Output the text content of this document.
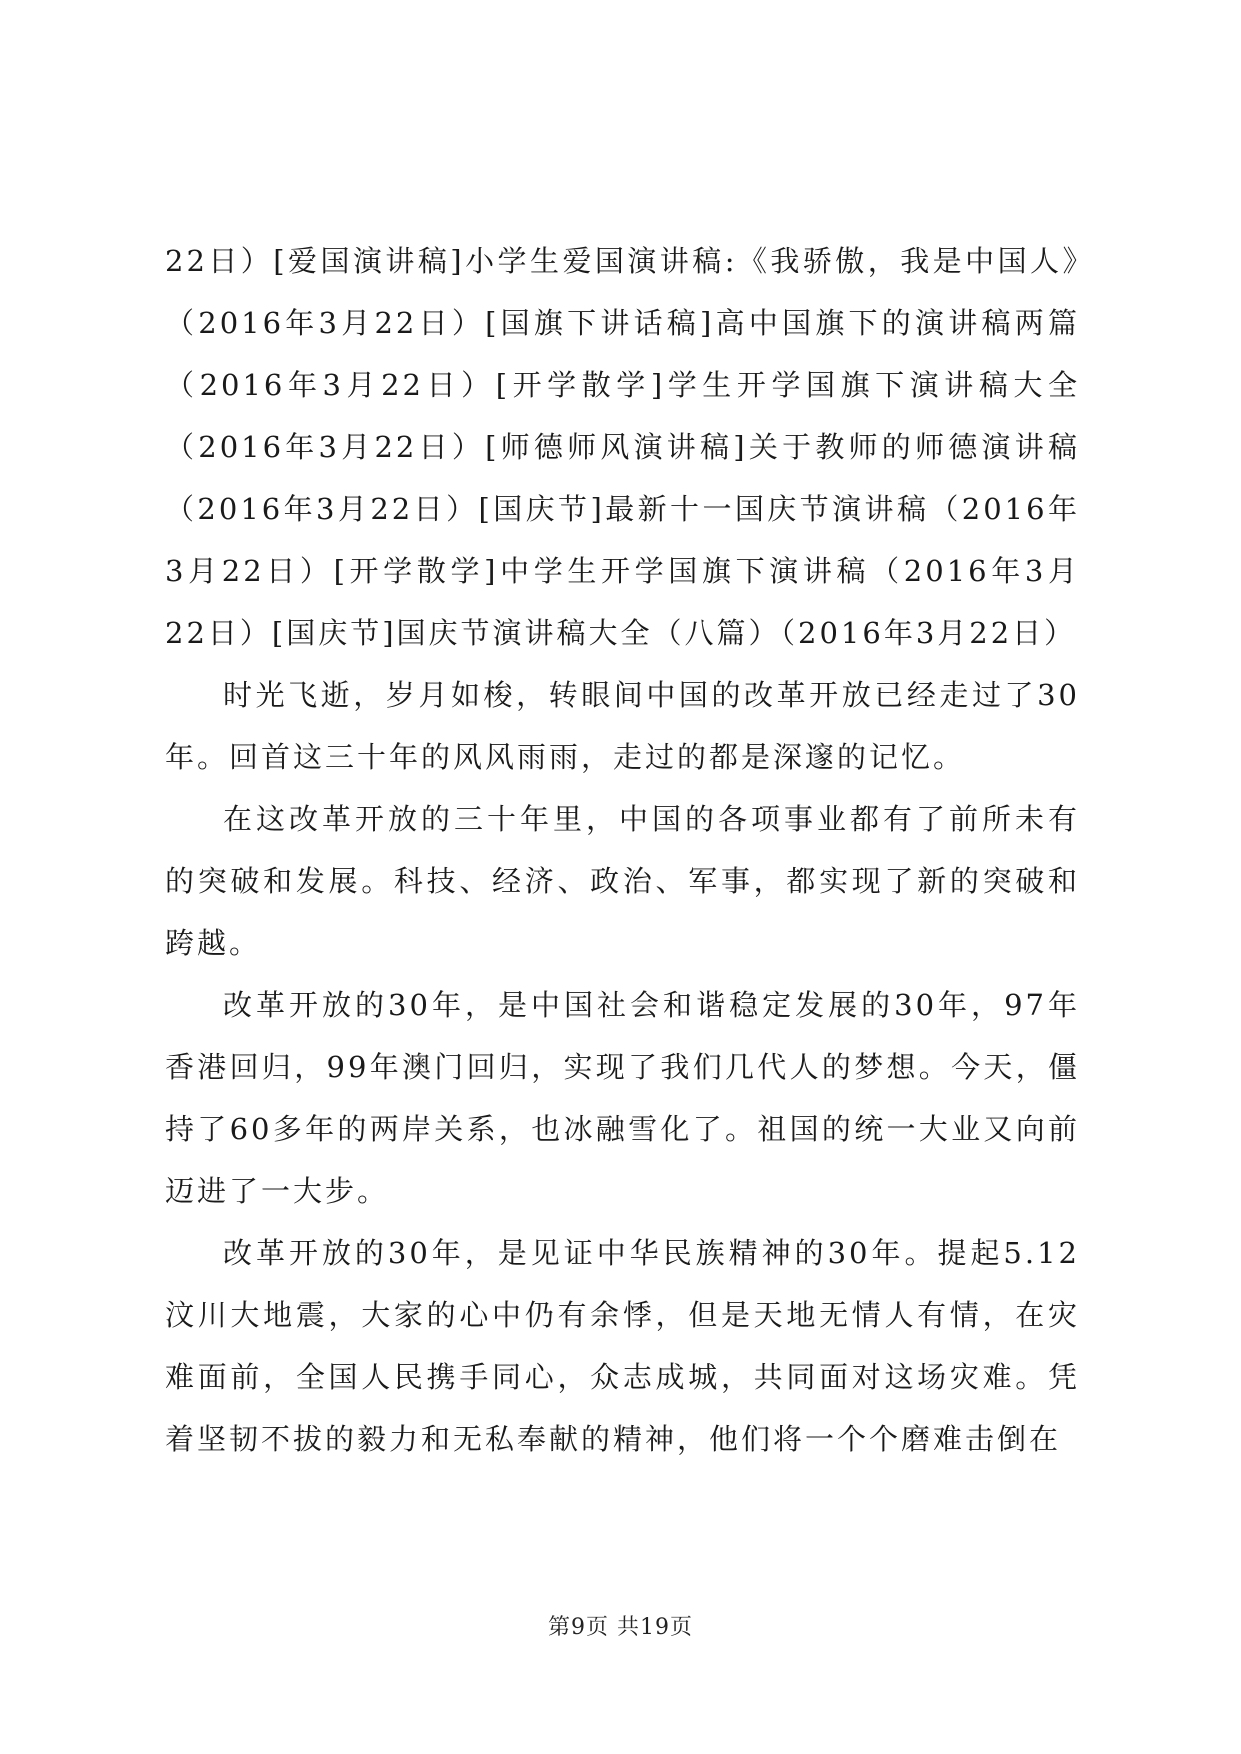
22日）[爱国演讲稿]小学生爱国演讲稿:《我骄傲，我是中国人》（2016年3月22日）[国旗下讲话稿]高中国旗下的演讲稿两篇（2016年3月22日）[开学散学]学生开学国旗下演讲稿大全（2016年3月22日）[师德师风演讲稿]关于教师的师德演讲稿（2016年3月22日）[国庆节]最新十一国庆节演讲稿（2016年3月22日）[开学散学]中学生开学国旗下演讲稿（2016年3月22日）[国庆节]国庆节演讲稿大全（八篇）（2016年3月22日）

时光飞逝，岁月如梭，转眼间中国的改革开放已经走过了30年。回首这三十年的风风雨雨，走过的都是深邃的记忆。

在这改革开放的三十年里，中国的各项事业都有了前所未有的突破和发展。科技、经济、政治、军事，都实现了新的突破和跨越。

改革开放的30年，是中国社会和谐稳定发展的30年，97年香港回归，99年澳门回归，实现了我们几代人的梦想。今天，僵持了60多年的两岸关系，也冰融雪化了。祖国的统一大业又向前迈进了一大步。

改革开放的30年，是见证中华民族精神的30年。提起5.12汶川大地震，大家的心中仍有余悸，但是天地无情人有情，在灾难面前，全国人民携手同心，众志成城，共同面对这场灾难。凭着坚韧不拔的毅力和无私奉献的精神，他们将一个个磨难击倒在

第9页 共19页
